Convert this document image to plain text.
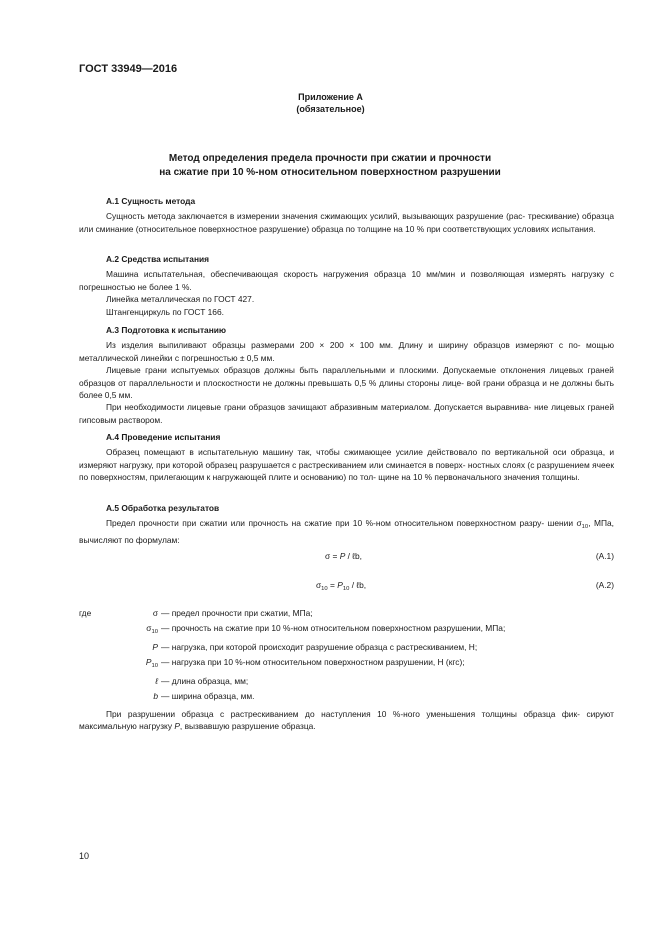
ГОСТ 33949—2016
Приложение А
(обязательное)
Метод определения предела прочности при сжатии и прочности
на сжатие при 10 %-ном относительном поверхностном разрушении

А.1 Сущность метода

Сущность метода заключается в измерении значения сжимающих усилий, вызывающих разрушение (рас- трескивание) образца или сминание (относительное поверхностное разрушение) образца по толщине на 10 % при соответствующих условиях испытания.

А.2 Средства испытания

Машина испытательная, обеспечивающая скорость нагружения образца 10 мм/мин и позволяющая измерять нагрузку с погрешностью не более 1 %.

Линейка металлическая по ГОСТ 427.

Штангенциркуль по ГОСТ 166.

А.3 Подготовка к испытанию

Из изделия выпиливают образцы размерами 200 × 200 × 100 мм. Длину и ширину образцов измеряют с по- мощью металлической линейки с погрешностью ± 0,5 мм.

Лицевые грани испытуемых образцов должны быть параллельными и плоскими. Допускаемые отклонения лицевых граней образцов от параллельности и плоскостности не должны превышать 0,5 % длины стороны лице- вой грани образца и не должны быть более 0,5 мм.

При необходимости лицевые грани образцов зачищают абразивным материалом. Допускается выравнива- ние лицевых граней гипсовым раствором.

А.4 Проведение испытания

Образец помещают в испытательную машину так, чтобы сжимающее усилие действовало по вертикальной оси образца, и измеряют нагрузку, при которой образец разрушается с растрескиванием или сминается в поверх- ностных слоях (с разрушением ячеек по поверхностям, прилегающим к нагружающей плите и основанию) по тол- щине на 10 % первоначального значения толщины.

А.5 Обработка результатов

Предел прочности при сжатии или прочность на сжатие при 10 %-ном относительном поверхностном разру- шении $\sigma_{10}$, МПа, вычисляют по формулам:

σ = P / ℓb,	(А.1)
$\sigma_{10} = P_{10}$ / ℓb,	(А.2)
где	σ — предел прочности при сжатии, МПа;
$\sigma_{10}$ — прочность на сжатие при 10 %-ном относительном поверхностном разрушении, МПа;
P — нагрузка, при которой происходит разрушение образца с растрескиванием, Н;
$P_{10}$ — нагрузка при 10 %-ном относительном поверхностном разрушении, Н (кгс);
ℓ — длина образца, мм;
b — ширина образца, мм.

При разрушении образца с растрескиванием до наступления 10 %-ного уменьшения толщины образца фик- сируют максимальную нагрузку P, вызвавшую разрушение образца.

10
